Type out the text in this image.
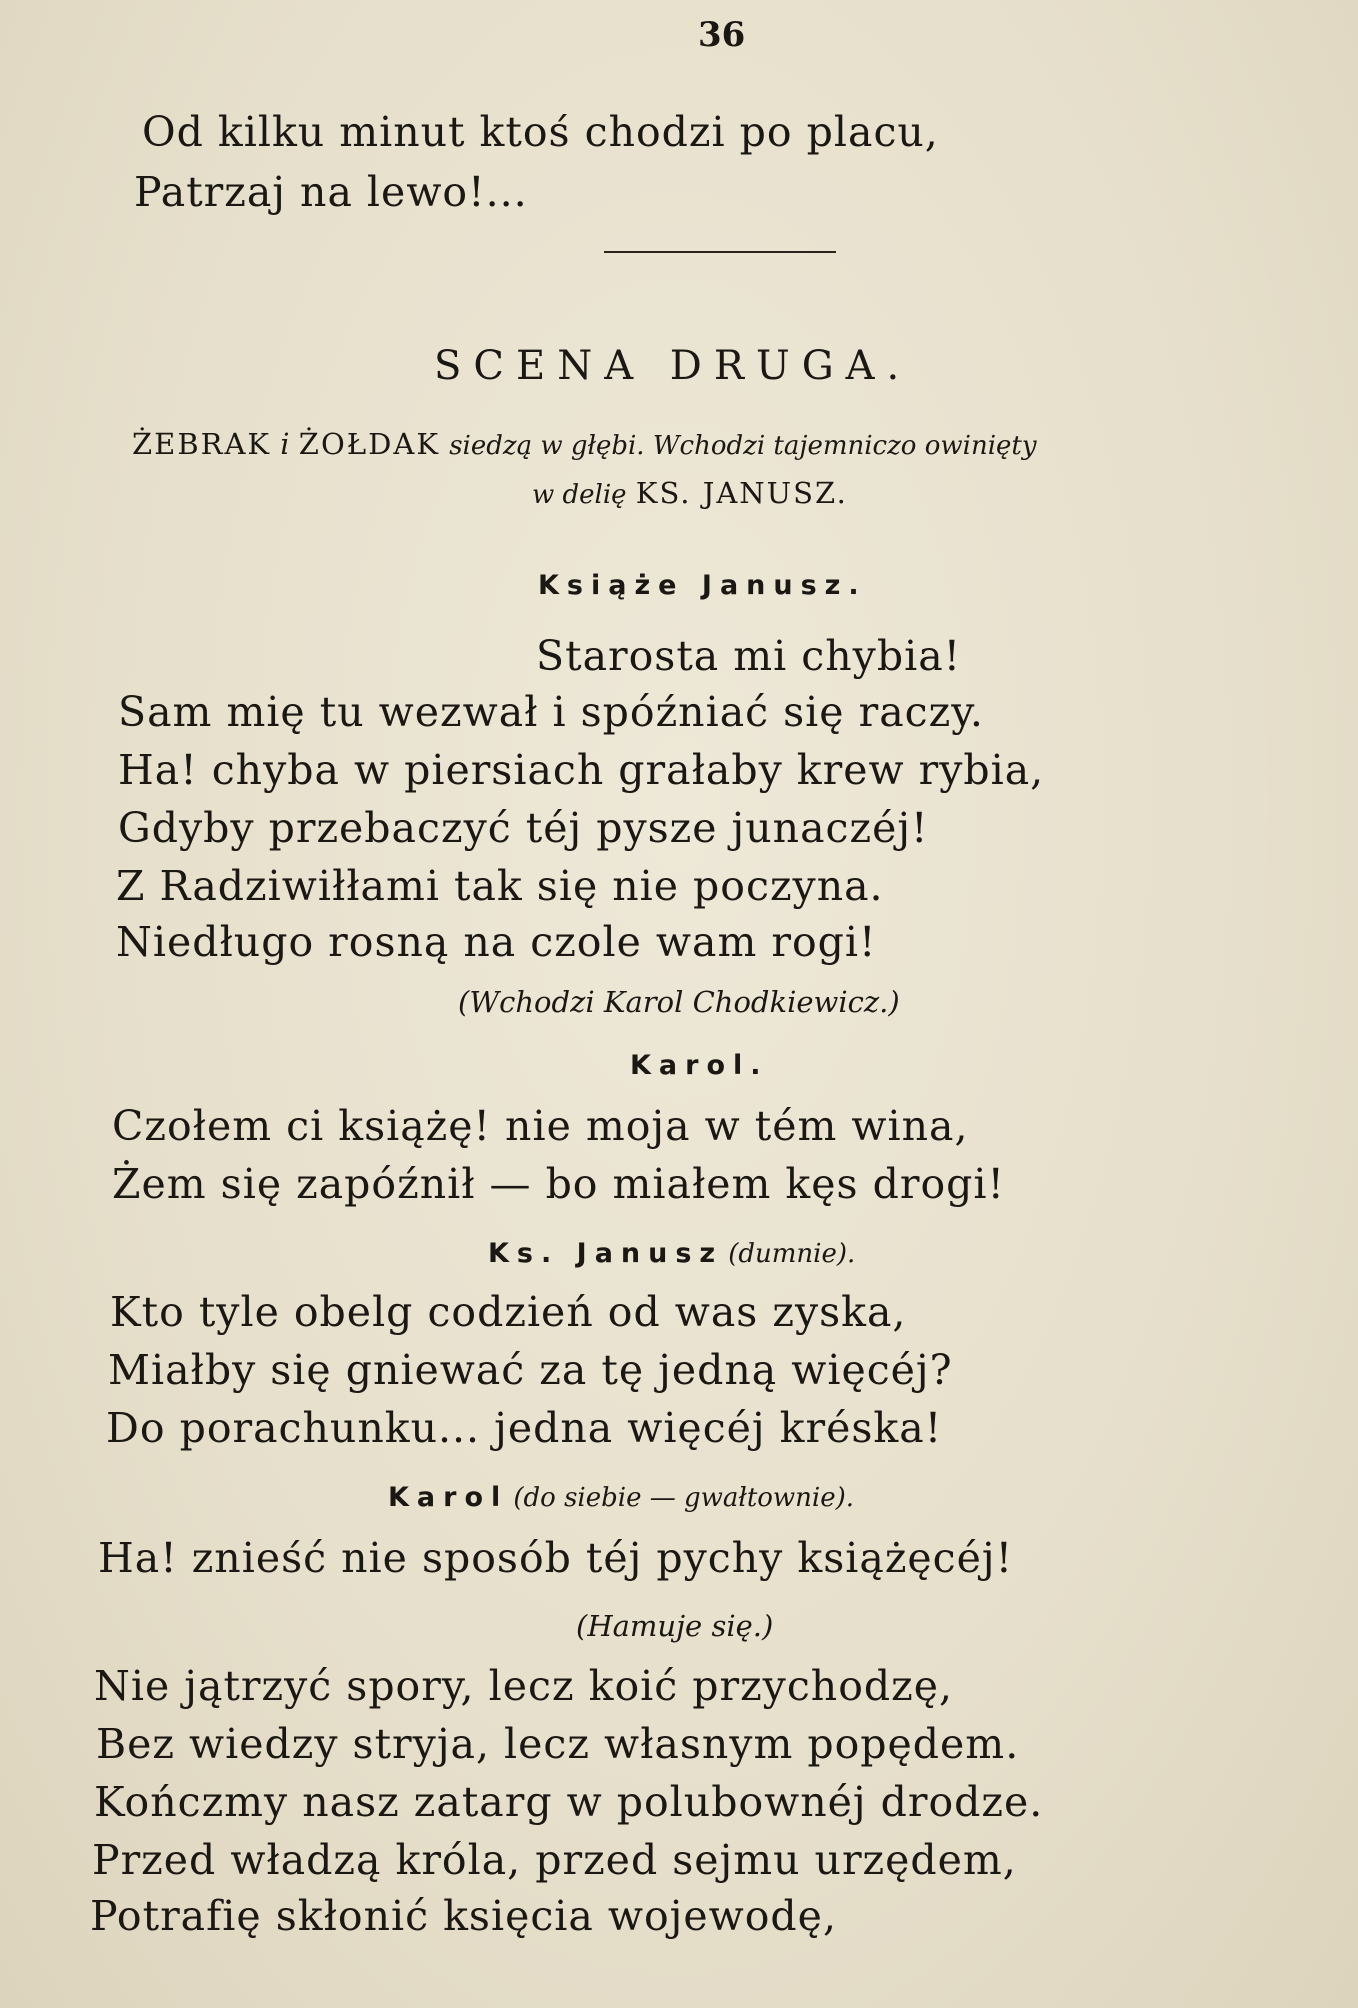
36
Od kilku minut ktoś chodzi po placu,
Patrzaj na lewo!...
SCENA DRUGA.
ŻEBRAK i ŻOŁDAK siedzą w głębi. Wchodzi tajemniczo owinięty
w delię KS. JANUSZ.
Książe Janusz.
Starosta mi chybia!
Sam mię tu wezwał i spóźniać się raczy.
Ha! chyba w piersiach grałaby krew rybia,
Gdyby przebaczyć téj pysze junaczéj!
Z Radziwiłłami tak się nie poczyna.
Niedługo rosną na czole wam rogi!
(Wchodzi Karol Chodkiewicz.)
Karol.
Czołem ci książę! nie moja w tém wina,
Żem się zapóźnił — bo miałem kęs drogi!
Ks. Janusz (dumnie).
Kto tyle obelg codzień od was zyska,
Miałby się gniewać za tę jedną więcéj?
Do porachunku... jedna więcéj kréska!
Karol (do siebie — gwałtownie).
Ha! znieść nie sposób téj pychy książęcéj!
(Hamuje się.)
Nie jątrzyć spory, lecz koić przychodzę,
Bez wiedzy stryja, lecz własnym popędem.
Kończmy nasz zatarg w polubownéj drodze.
Przed władzą króla, przed sejmu urzędem,
Potrafię skłonić księcia wojewodę,
